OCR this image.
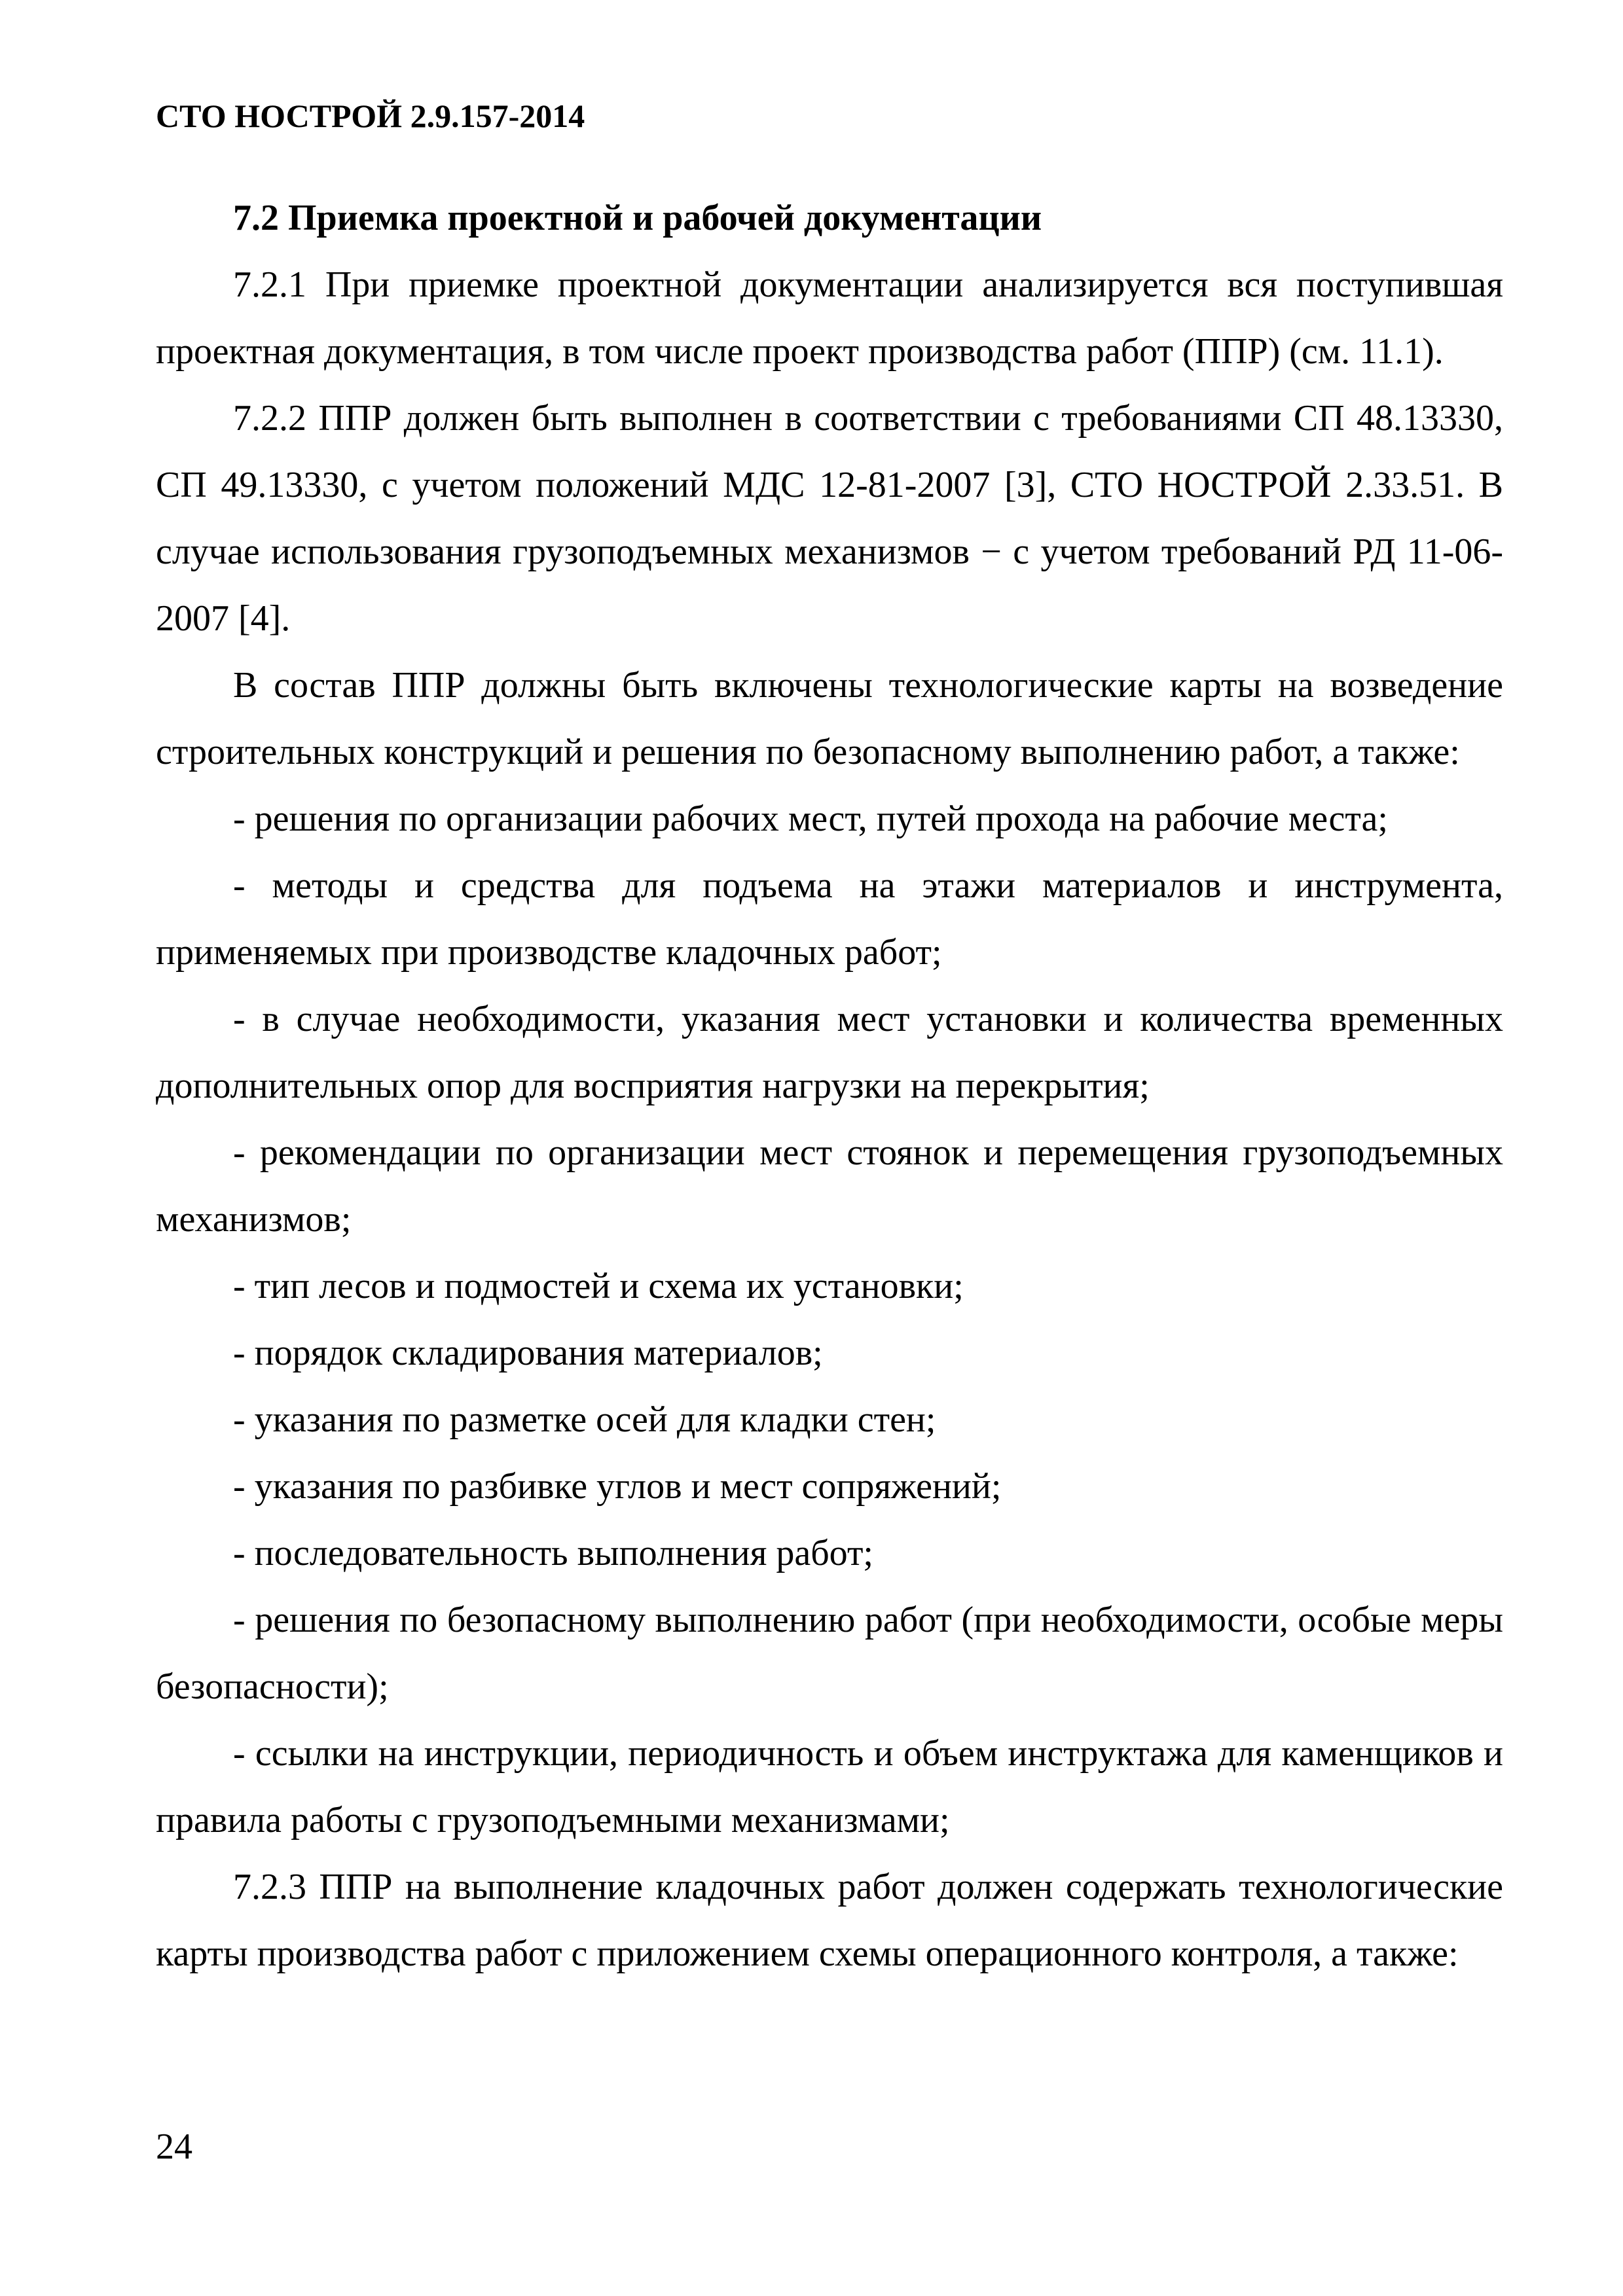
СТО НОСТРОЙ 2.9.157-2014

7.2 Приемка проектной и рабочей документации

7.2.1 При приемке проектной документации анализируется вся поступившая проектная документация, в том числе проект производства работ (ППР) (см. 11.1).

7.2.2 ППР должен быть выполнен в соответствии с требованиями СП 48.13330, СП 49.13330, с учетом положений МДС 12-81-2007 [3], СТО НОСТРОЙ 2.33.51. В случае использования грузоподъемных механизмов − с учетом требований РД 11-06-2007 [4].

В состав ППР должны быть включены технологические карты на возведение строительных конструкций и решения по безопасному выполнению работ, а также:

- решения по организации рабочих мест, путей прохода на рабочие места;

- методы и средства для подъема на этажи материалов и инструмента, применяемых при производстве кладочных работ;

- в случае необходимости, указания мест установки и количества временных дополнительных опор для восприятия нагрузки на перекрытия;

- рекомендации по организации мест стоянок и перемещения грузоподъемных механизмов;

- тип лесов и подмостей и схема их установки;

- порядок складирования материалов;

- указания по разметке осей для кладки стен;

- указания по разбивке углов и мест сопряжений;

- последовательность выполнения работ;

- решения по безопасному выполнению работ (при необходимости, особые меры безопасности);

- ссылки на инструкции, периодичность и объем инструктажа для каменщиков и правила работы с грузоподъемными механизмами;

7.2.3 ППР на выполнение кладочных работ должен содержать технологические карты производства работ с приложением схемы операционного контроля, а также:

24
